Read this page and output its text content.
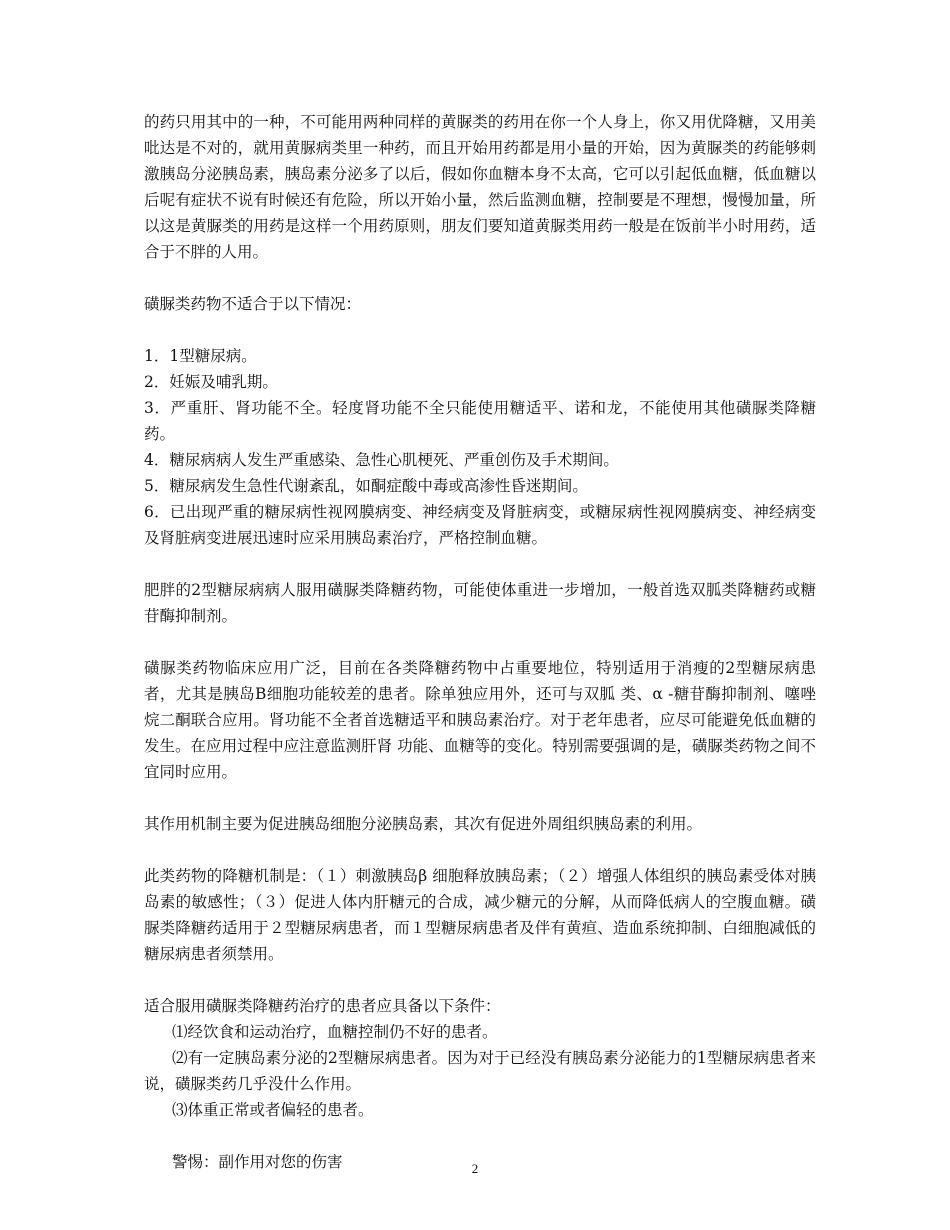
的药只用其中的一种，不可能用两种同样的黄脲类的药用在你一个人身上，你又用优降糖，又用美吡达是不对的，就用黄脲病类里一种药，而且开始用药都是用小量的开始，因为黄脲类的药能够刺激胰岛分泌胰岛素，胰岛素分泌多了以后，假如你血糖本身不太高，它可以引起低血糖，低血糖以后呢有症状不说有时候还有危险，所以开始小量，然后监测血糖，控制要是不理想，慢慢加量，所以这是黄脲类的用药是这样一个用药原则，朋友们要知道黄脲类用药一般是在饭前半小时用药，适合于不胖的人用。

磺脲类药物不适合于以下情况：

1．1型糖尿病。

2．妊娠及哺乳期。

3．严重肝、肾功能不全。轻度肾功能不全只能使用糖适平、诺和龙，不能使用其他磺脲类降糖药。

4．糖尿病病人发生严重感染、急性心肌梗死、严重创伤及手术期间。

5．糖尿病发生急性代谢紊乱，如酮症酸中毒或高渗性昏迷期间。

6．已出现严重的糖尿病性视网膜病变、神经病变及肾脏病变，或糖尿病性视网膜病变、神经病变及肾脏病变进展迅速时应采用胰岛素治疗，严格控制血糖。

肥胖的2型糖尿病病人服用磺脲类降糖药物，可能使体重进一步增加，一般首选双胍类降糖药或糖苷酶抑制剂。

磺脲类药物临床应用广泛，目前在各类降糖药物中占重要地位，特别适用于消瘦的2型糖尿病患者，尤其是胰岛B细胞功能较差的患者。除单独应用外，还可与双胍 类、α -糖苷酶抑制剂、噻唑烷二酮联合应用。肾功能不全者首选糖适平和胰岛素治疗。对于老年患者，应尽可能避免低血糖的发生。在应用过程中应注意监测肝肾 功能、血糖等的变化。特别需要强调的是，磺脲类药物之间不宜同时应用。

其作用机制主要为促进胰岛细胞分泌胰岛素，其次有促进外周组织胰岛素的利用。

此类药物的降糖机制是：（１）刺激胰岛β 细胞释放胰岛素；（２）增强人体组织的胰岛素受体对胰岛素的敏感性；（３）促进人体内肝糖元的合成，减少糖元的分解，从而降低病人的空腹血糖。磺脲类降糖药适用于２型糖尿病患者，而１型糖尿病患者及伴有黄疸、造血系统抑制、白细胞减低的糖尿病患者须禁用。

适合服用磺脲类降糖药治疗的患者应具备以下条件：

⑴经饮食和运动治疗，血糖控制仍不好的患者。

⑵有一定胰岛素分泌的2型糖尿病患者。因为对于已经没有胰岛素分泌能力的1型糖尿病患者来说，磺脲类药几乎没什么作用。

⑶体重正常或者偏轻的患者。

警惕：副作用对您的伤害	2
